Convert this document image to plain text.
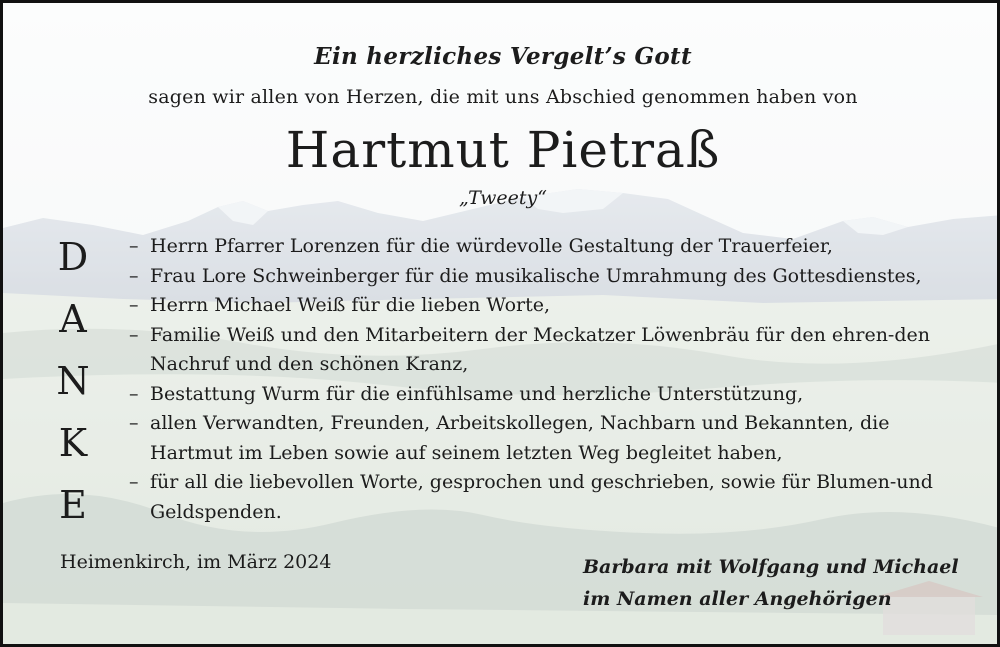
Ein herzliches Vergelt’s Gott
sagen wir allen von Herzen, die mit uns Abschied genommen haben von
Hartmut Pietraß
„Tweety“
D
A
N
K
E
– Herrn Pfarrer Lorenzen für die würdevolle Gestaltung der Trauerfeier,
– Frau Lore Schweinberger für die musikalische Umrahmung des Gottesdienstes,
– Herrn Michael Weiß für die lieben Worte,
– Familie Weiß und den Mitarbeitern der Meckatzer Löwenbräu für den ehren-den Nachruf und den schönen Kranz,
– Bestattung Wurm für die einfühlsame und herzliche Unterstützung,
– allen Verwandten, Freunden, Arbeitskollegen, Nachbarn und Bekannten, die Hartmut im Leben sowie auf seinem letzten Weg begleitet haben,
– für all die liebevollen Worte, gesprochen und geschrieben, sowie für Blumen-und Geldspenden.
Heimenkirch, im März 2024	Barbara mit Wolfgang und Michael
im Namen aller Angehörigen
